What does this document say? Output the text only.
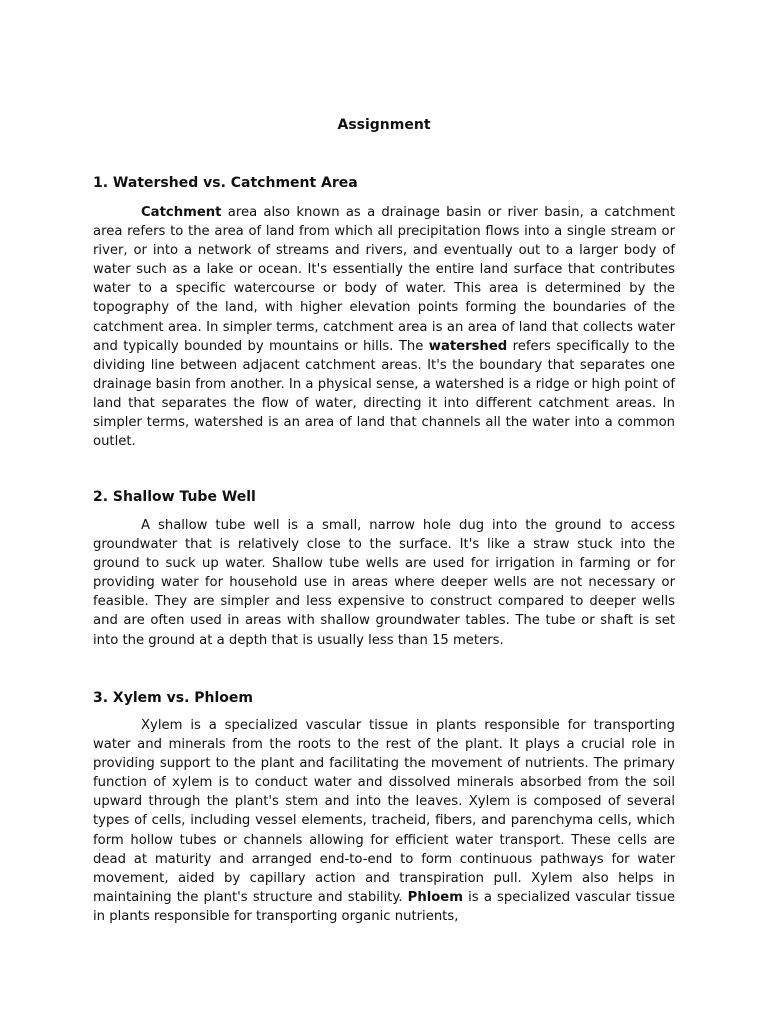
Assignment
1. Watershed vs. Catchment Area

Catchment area also known as a drainage basin or river basin, a catchment area refers to the area of land from which all precipitation flows into a single stream or river, or into a network of streams and rivers, and eventually out to a larger body of water such as a lake or ocean. It's essentially the entire land surface that contributes water to a specific watercourse or body of water. This area is determined by the topography of the land, with higher elevation points forming the boundaries of the catchment area. In simpler terms, catchment area is an area of land that collects water and typically bounded by mountains or hills. The watershed refers specifically to the dividing line between adjacent catchment areas. It's the boundary that separates one drainage basin from another. In a physical sense, a watershed is a ridge or high point of land that separates the flow of water, directing it into different catchment areas. In simpler terms, watershed is an area of land that channels all the water into a common outlet.

2. Shallow Tube Well

A shallow tube well is a small, narrow hole dug into the ground to access groundwater that is relatively close to the surface. It's like a straw stuck into the ground to suck up water. Shallow tube wells are used for irrigation in farming or for providing water for household use in areas where deeper wells are not necessary or feasible. They are simpler and less expensive to construct compared to deeper wells and are often used in areas with shallow groundwater tables. The tube or shaft is set into the ground at a depth that is usually less than 15 meters.

3. Xylem vs. Phloem

Xylem is a specialized vascular tissue in plants responsible for transporting water and minerals from the roots to the rest of the plant. It plays a crucial role in providing support to the plant and facilitating the movement of nutrients. The primary function of xylem is to conduct water and dissolved minerals absorbed from the soil upward through the plant's stem and into the leaves. Xylem is composed of several types of cells, including vessel elements, tracheid, fibers, and parenchyma cells, which form hollow tubes or channels allowing for efficient water transport. These cells are dead at maturity and arranged end-to-end to form continuous pathways for water movement, aided by capillary action and transpiration pull. Xylem also helps in maintaining the plant's structure and stability. Phloem is a specialized vascular tissue in plants responsible for transporting organic nutrients,
